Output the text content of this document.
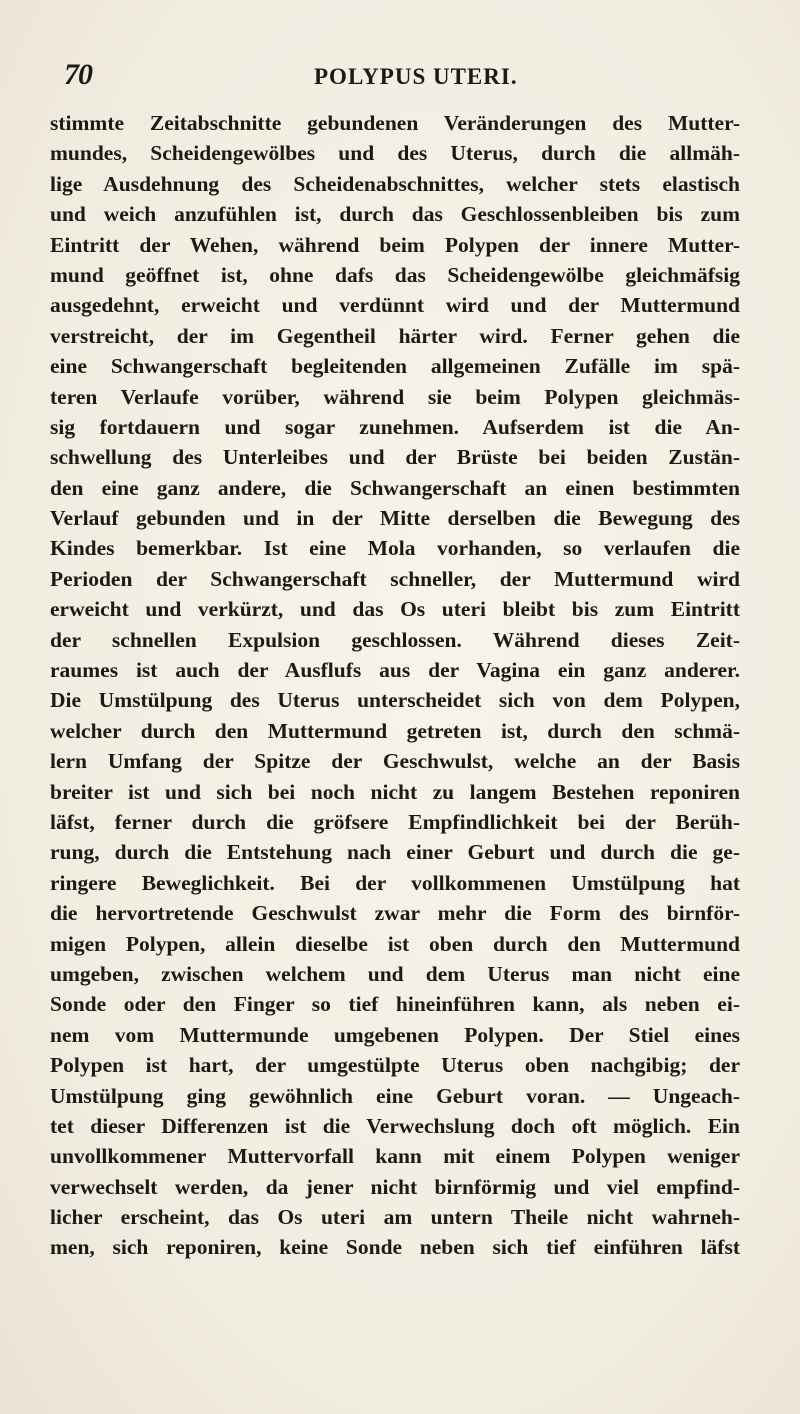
70	POLYPUS UTERI.
stimmte Zeitabschnitte gebundenen Veränderungen des Mutter-
mundes, Scheidengewölbes und des Uterus, durch die allmäh-
lige Ausdehnung des Scheidenabschnittes, welcher stets elastisch
und weich anzufühlen ist, durch das Geschlossenbleiben bis zum
Eintritt der Wehen, während beim Polypen der innere Mutter-
mund geöffnet ist, ohne dafs das Scheidengewölbe gleichmäfsig
ausgedehnt, erweicht und verdünnt wird und der Muttermund
verstreicht, der im Gegentheil härter wird. Ferner gehen die
eine Schwangerschaft begleitenden allgemeinen Zufälle im spä-
teren Verlaufe vorüber, während sie beim Polypen gleichmäs-
sig fortdauern und sogar zunehmen. Aufserdem ist die An-
schwellung des Unterleibes und der Brüste bei beiden Zustän-
den eine ganz andere, die Schwangerschaft an einen bestimmten
Verlauf gebunden und in der Mitte derselben die Bewegung des
Kindes bemerkbar. Ist eine Mola vorhanden, so verlaufen die
Perioden der Schwangerschaft schneller, der Muttermund wird
erweicht und verkürzt, und das Os uteri bleibt bis zum Eintritt
der schnellen Expulsion geschlossen. Während dieses Zeit-
raumes ist auch der Ausflufs aus der Vagina ein ganz anderer.
Die Umstülpung des Uterus unterscheidet sich von dem Polypen,
welcher durch den Muttermund getreten ist, durch den schmä-
lern Umfang der Spitze der Geschwulst, welche an der Basis
breiter ist und sich bei noch nicht zu langem Bestehen reponiren
läfst, ferner durch die gröfsere Empfindlichkeit bei der Berüh-
rung, durch die Entstehung nach einer Geburt und durch die ge-
ringere Beweglichkeit. Bei der vollkommenen Umstülpung hat
die hervortretende Geschwulst zwar mehr die Form des birnför-
migen Polypen, allein dieselbe ist oben durch den Muttermund
umgeben, zwischen welchem und dem Uterus man nicht eine
Sonde oder den Finger so tief hineinführen kann, als neben ei-
nem vom Muttermunde umgebenen Polypen. Der Stiel eines
Polypen ist hart, der umgestülpte Uterus oben nachgibig; der
Umstülpung ging gewöhnlich eine Geburt voran. — Ungeach-
tet dieser Differenzen ist die Verwechslung doch oft möglich. Ein
unvollkommener Muttervorfall kann mit einem Polypen weniger
verwechselt werden, da jener nicht birnförmig und viel empfind-
licher erscheint, das Os uteri am untern Theile nicht wahrneh-
men, sich reponiren, keine Sonde neben sich tief einführen läfst
